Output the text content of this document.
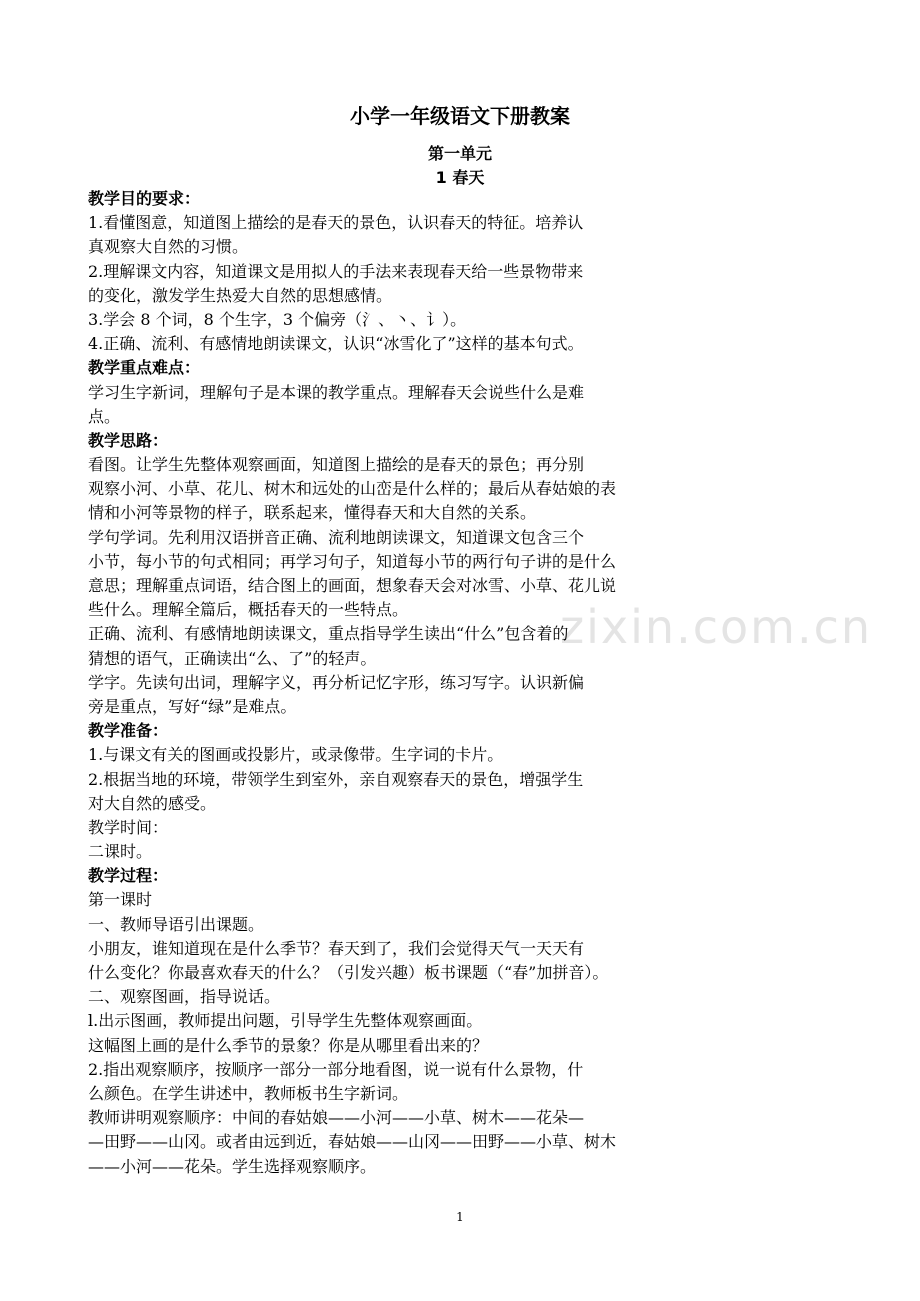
zixin.com.cn
小学一年级语文下册教案
第一单元
1 春天
教学目的要求：
1.看懂图意，知道图上描绘的是春天的景色，认识春天的特征。培养认
真观察大自然的习惯。
2.理解课文内容，知道课文是用拟人的手法来表现春天给一些景物带来
的变化，激发学生热爱大自然的思想感情。
3.学会 8 个词，8 个生字，3 个偏旁（氵、丶、讠）。
4.正确、流利、有感情地朗读课文，认识“冰雪化了”这样的基本句式。
教学重点难点：
学习生字新词，理解句子是本课的教学重点。理解春天会说些什么是难
点。
教学思路：
看图。让学生先整体观察画面，知道图上描绘的是春天的景色；再分别
观察小河、小草、花儿、树木和远处的山峦是什么样的；最后从春姑娘的表
情和小河等景物的样子，联系起来，懂得春天和大自然的关系。
学句学词。先利用汉语拼音正确、流利地朗读课文，知道课文包含三个
小节，每小节的句式相同；再学习句子，知道每小节的两行句子讲的是什么
意思；理解重点词语，结合图上的画面，想象春天会对冰雪、小草、花儿说
些什么。理解全篇后，概括春天的一些特点。
正确、流利、有感情地朗读课文，重点指导学生读出“什么”包含着的
猜想的语气，正确读出“么、了”的轻声。
学字。先读句出词，理解字义，再分析记忆字形，练习写字。认识新偏
旁是重点，写好“绿”是难点。
教学准备：
1.与课文有关的图画或投影片，或录像带。生字词的卡片。
2.根据当地的环境，带领学生到室外，亲自观察春天的景色，增强学生
对大自然的感受。
教学时间：
二课时。
教学过程：
第一课时
一、教师导语引出课题。
小朋友，谁知道现在是什么季节？春天到了，我们会觉得天气一天天有
什么变化？你最喜欢春天的什么？（引发兴趣）板书课题（“春”加拼音）。
二、观察图画，指导说话。
l.出示图画，教师提出问题，引导学生先整体观察画面。
这幅图上画的是什么季节的景象？你是从哪里看出来的？
2.指出观察顺序，按顺序一部分一部分地看图，说一说有什么景物，什
么颜色。在学生讲述中，教师板书生字新词。
教师讲明观察顺序：中间的春姑娘——小河——小草、树木——花朵—
—田野——山冈。或者由远到近，春姑娘——山冈——田野——小草、树木
——小河——花朵。学生选择观察顺序。
1
